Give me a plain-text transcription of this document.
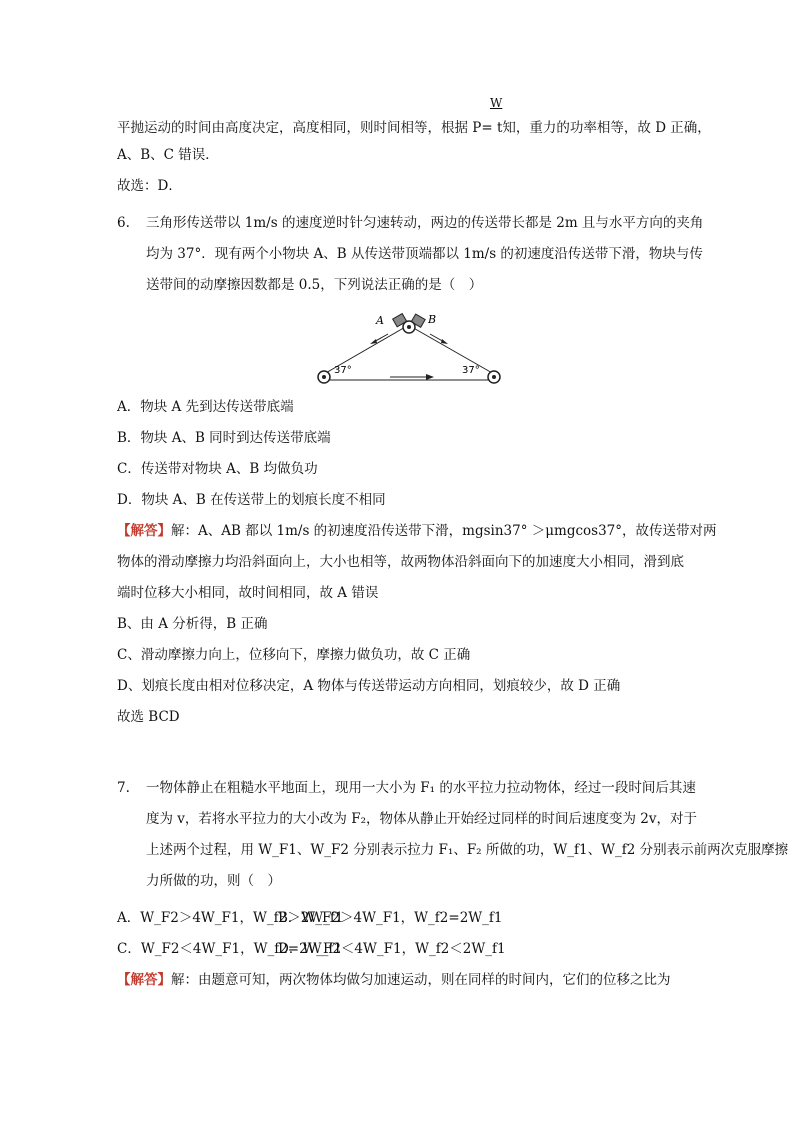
W
平抛运动的时间由高度决定，高度相同，则时间相等，根据 P= t知，重力的功率相等，故 D 正确，
A、B、C 错误．
故选：D．
6. 三角形传送带以 1m/s 的速度逆时针匀速转动，两边的传送带长都是 2m 且与水平方向的夹角
均为 37°．现有两个小物块 A、B 从传送带顶端都以 1m/s 的初速度沿传送带下滑，物块与传
送带间的动摩擦因数都是 0.5，下列说法正确的是（　）
A	B
37°	37°
A．物块 A 先到达传送带底端
B．物块 A、B 同时到达传送带底端
C．传送带对物块 A、B 均做负功
D．物块 A、B 在传送带上的划痕长度不相同
【解答】解：A、AB 都以 1m/s 的初速度沿传送带下滑，mgsin37° ＞μmgcos37°，故传送带对两
物体的滑动摩擦力均沿斜面向上，大小也相等，故两物体沿斜面向下的加速度大小相同，滑到底
端时位移大小相同，故时间相同，故 A 错误
B、由 A 分析得，B 正确
C、滑动摩擦力向上，位移向下，摩擦力做负功，故 C 正确
D、划痕长度由相对位移决定，A 物体与传送带运动方向相同，划痕较少，故 D 正确
故选 BCD
7. 一物体静止在粗糙水平地面上，现用一大小为 F₁ 的水平拉力拉动物体，经过一段时间后其速
度为 v，若将水平拉力的大小改为 F₂，物体从静止开始经过同样的时间后速度变为 2v，对于
上述两个过程，用 W_F1、W_F2 分别表示拉力 F₁、F₂ 所做的功，W_f1、W_f2 分别表示前两次克服摩擦
力所做的功，则（　）
A．W_F2＞4W_F1，W_f2＞2W_f1
B．W_F2＞4W_F1，W_f2=2W_f1
C．W_F2＜4W_F1，W_f2=2W_f1
D．W_F2＜4W_F1，W_f2＜2W_f1
【解答】解：由题意可知，两次物体均做匀加速运动，则在同样的时间内，它们的位移之比为
